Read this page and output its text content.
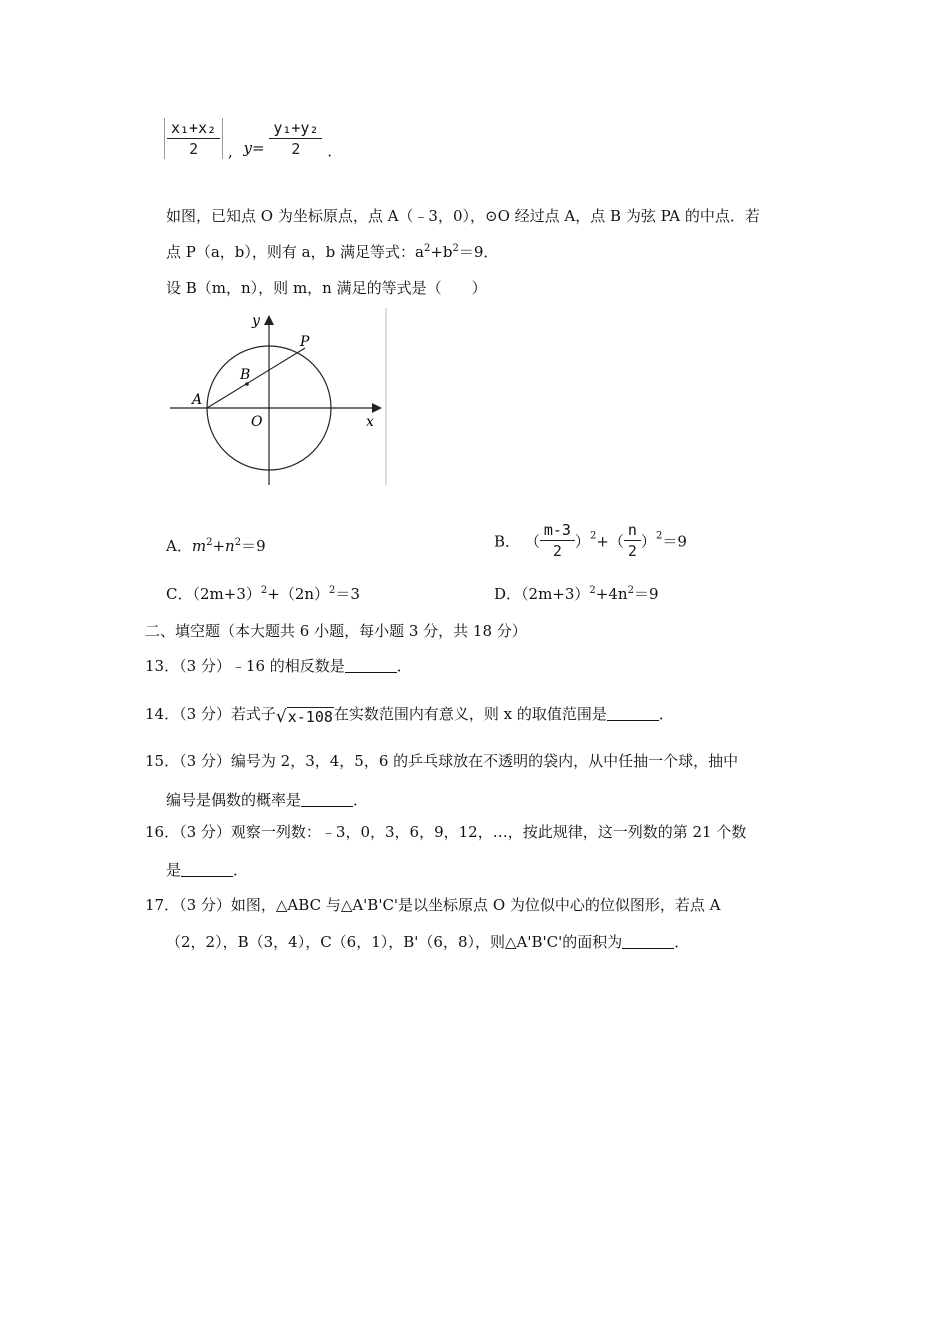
$\frac{\text{x₁+x₂}}{2}$ , $y= \frac{\text{y₁+y₂}}{2}$ .
如图，已知点 O 为坐标原点，点 A（﹣3，0），⊙O 经过点 A，点 B 为弦 PA 的中点．若
点 P（a，b），则有 a，b 满足等式：$a^2+b^2=9$．
设 B（m，n），则 m，n 满足的等式是（　　）
y
x
O
A
B
P
A．$m^2+n^2=9$	B． （ $\frac{m-3}{2} )^2+( \frac{n}{2} )^2=9$
C．$(2m+3)^2+(2n)^2=3$	D．$(2m+3)^2+4n^2=9$
二、填空题（本大题共 6 小题，每小题 3 分，共 18 分）
13．（3 分）﹣16 的相反数是	．
14．（3 分）若式子√x-108在实数范围内有意义，则 x 的取值范围是	．
15．（3 分）编号为 2，3，4，5，6 的乒乓球放在不透明的袋内，从中任抽一个球，抽中
编号是偶数的概率是	．
16．（3 分）观察一列数：﹣3，0，3，6，9，12，…，按此规律，这一列数的第 21 个数
是	．
17．（3 分）如图，△ABC 与△A'B'C'是以坐标原点 O 为位似中心的位似图形，若点 A
（2，2），B（3，4），C（6，1），B'（6，8），则△A'B'C'的面积为	．
